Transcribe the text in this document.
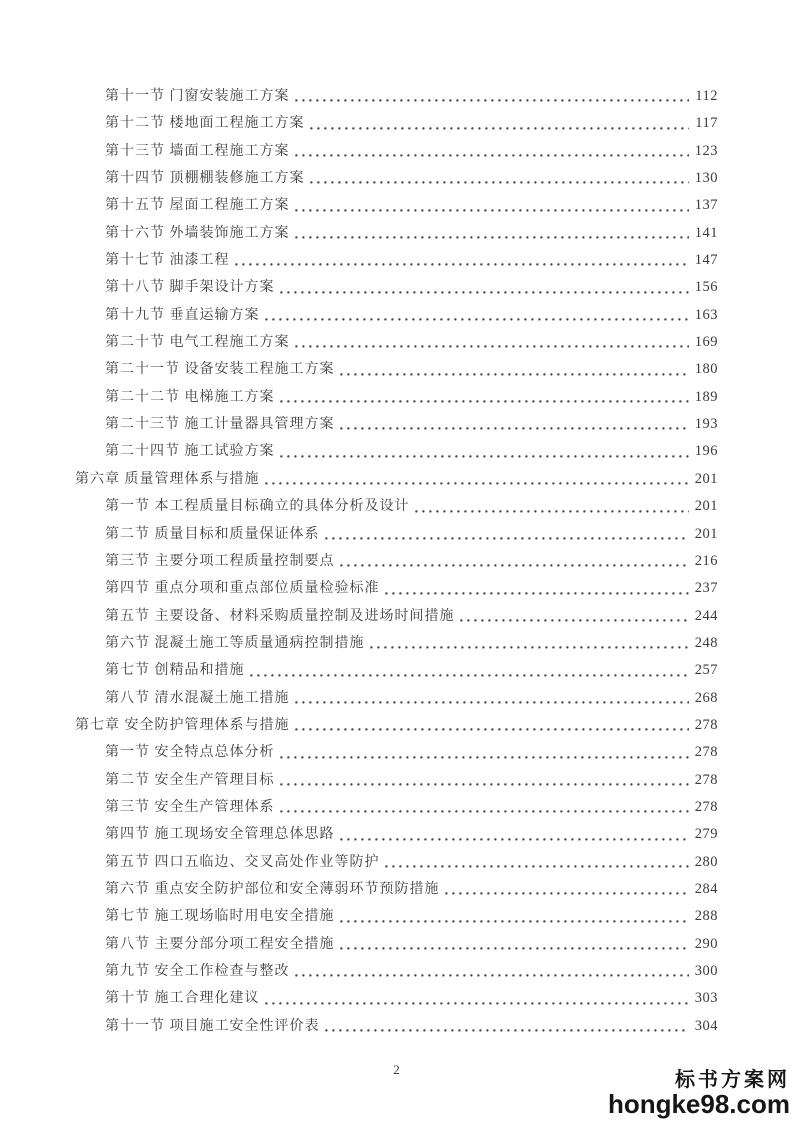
第十一节 门窗安装施工方案	112
第十二节 楼地面工程施工方案	117
第十三节 墙面工程施工方案	123
第十四节 顶棚棚装修施工方案	130
第十五节 屋面工程施工方案	137
第十六节 外墙装饰施工方案	141
第十七节 油漆工程	147
第十八节 脚手架设计方案	156
第十九节 垂直运输方案	163
第二十节 电气工程施工方案	169
第二十一节 设备安装工程施工方案	180
第二十二节 电梯施工方案	189
第二十三节 施工计量器具管理方案	193
第二十四节 施工试验方案	196
第六章 质量管理体系与措施	201
第一节 本工程质量目标确立的具体分析及设计	201
第二节 质量目标和质量保证体系	201
第三节 主要分项工程质量控制要点	216
第四节 重点分项和重点部位质量检验标准	237
第五节 主要设备、材料采购质量控制及进场时间措施	244
第六节 混凝土施工等质量通病控制措施	248
第七节 创精品和措施	257
第八节 清水混凝土施工措施	268
第七章 安全防护管理体系与措施	278
第一节 安全特点总体分析	278
第二节 安全生产管理目标	278
第三节 安全生产管理体系	278
第四节 施工现场安全管理总体思路	279
第五节 四口五临边、交叉高处作业等防护	280
第六节 重点安全防护部位和安全薄弱环节预防措施	284
第七节 施工现场临时用电安全措施	288
第八节 主要分部分项工程安全措施	290
第九节 安全工作检查与整改	300
第十节 施工合理化建议	303
第十一节 项目施工安全性评价表	304
2	标书方案网
hongke98.com
